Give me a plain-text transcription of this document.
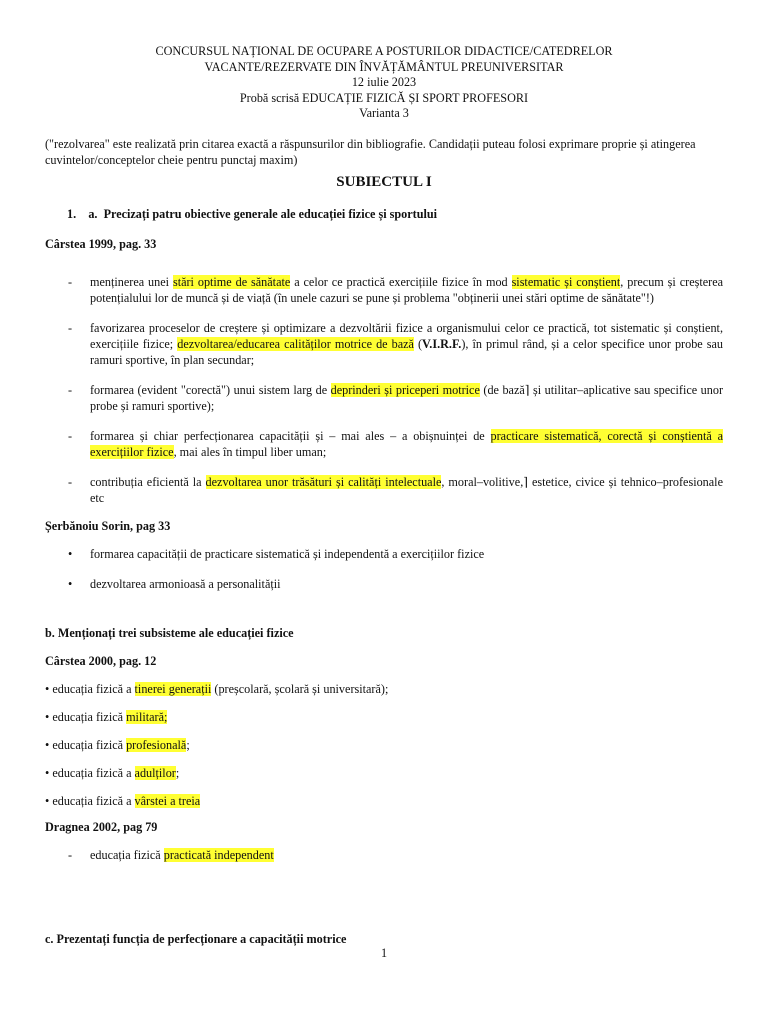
CONCURSUL NAȚIONAL DE OCUPARE A POSTURILOR DIDACTICE/CATEDRELOR
VACANTE/REZERVATE DIN ÎNVĂȚĂMÂNTUL PREUNIVERSITAR
12 iulie 2023
Probă scrisă EDUCAȚIE FIZICĂ ȘI SPORT PROFESORI
Varianta 3
("rezolvarea" este realizată prin citarea exactă a răspunsurilor din bibliografie. Candidații puteau folosi exprimare proprie și atingerea cuvintelor/conceptelor cheie pentru punctaj maxim)
SUBIECTUL I
1. a. Precizați patru obiective generale ale educației fizice și sportului
Cârstea 1999, pag. 33
- menținerea unei stări optime de sănătate a celor ce practică exercițiile fizice în mod sistematic și conștient, precum și creșterea potențialului lor de muncă și de viață (în unele cazuri se pune și problema "obținerii unei stări optime de sănătate"!)
- favorizarea proceselor de creștere și optimizare a dezvoltării fizice a organismului celor ce practică, tot sistematic și conștient, exercițiile fizice; dezvoltarea/educarea calităților motrice de bază (V.I.R.F.), în primul rând, și a celor specifice unor probe sau ramuri sportive, în plan secundar;
- formarea (evident "corectă") unui sistem larg de deprinderi și priceperi motrice (de bază⌉ și utilitar–aplicative sau specifice unor probe și ramuri sportive);
- formarea și chiar perfecționarea capacității și – mai ales – a obișnuinței de practicare sistematică, corectă și conștientă a exercițiilor fizice, mai ales în timpul liber uman;
- contribuția eficientă la dezvoltarea unor trăsături și calități intelectuale, moral–volitive,⌉ estetice, civice și tehnico–profesionale etc
Șerbănoiu Sorin, pag 33
• formarea capacității de practicare sistematică și independentă a exercițiilor fizice
• dezvoltarea armonioasă a personalității
b. Menționați trei subsisteme ale educației fizice
Cârstea 2000, pag. 12
• educația fizică a tinerei generații (preșcolară, școlară și universitară);
• educația fizică militară;
• educația fizică profesională;
• educația fizică a adulților;
• educația fizică a vârstei a treia
Dragnea 2002, pag 79
- educația fizică practicată independent
c. Prezentați funcția de perfecționare a capacității motrice
1
